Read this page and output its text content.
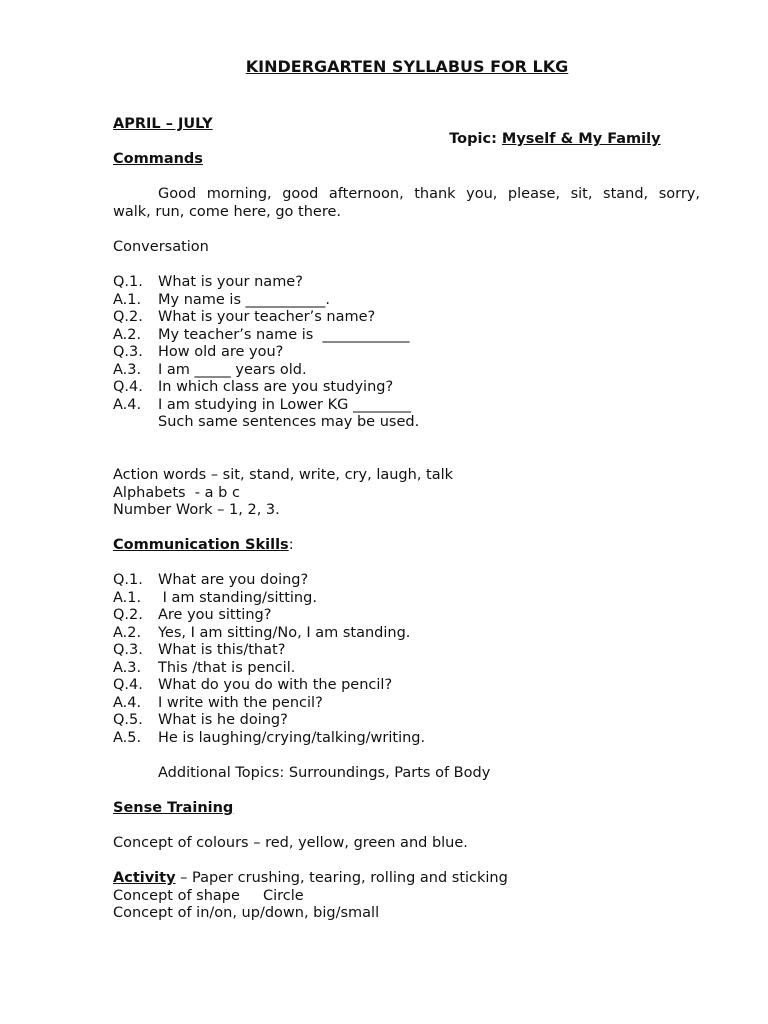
KINDERGARTEN SYLLABUS FOR LKG
APRIL – JULY

Topic: Myself & My Family

Commands
Good morning, good afternoon, thank you, please, sit, stand, sorry,
walk, run, come here, go there.
Conversation
Q.1. What is your name?
A.1. My name is ___________.
Q.2. What is your teacher’s name?
A.2. My teacher’s name is  ____________
Q.3. How old are you?
A.3. I am _____ years old.
Q.4. In which class are you studying?
A.4. I am studying in Lower KG ________
Such same sentences may be used.
Action words – sit, stand, write, cry, laugh, talk
Alphabets  - a b c
Number Work – 1, 2, 3.
Communication Skills:
Q.1. What are you doing?
A.1. I am standing/sitting.
Q.2. Are you sitting?
A.2. Yes, I am sitting/No, I am standing.
Q.3. What is this/that?
A.3. This /that is pencil.
Q.4. What do you do with the pencil?
A.4. I write with the pencil?
Q.5. What is he doing?
A.5. He is laughing/crying/talking/writing.
Additional Topics: Surroundings, Parts of Body
Sense Training
Concept of colours – red, yellow, green and blue.
Activity – Paper crushing, tearing, rolling and sticking
Concept of shape     Circle
Concept of in/on, up/down, big/small
